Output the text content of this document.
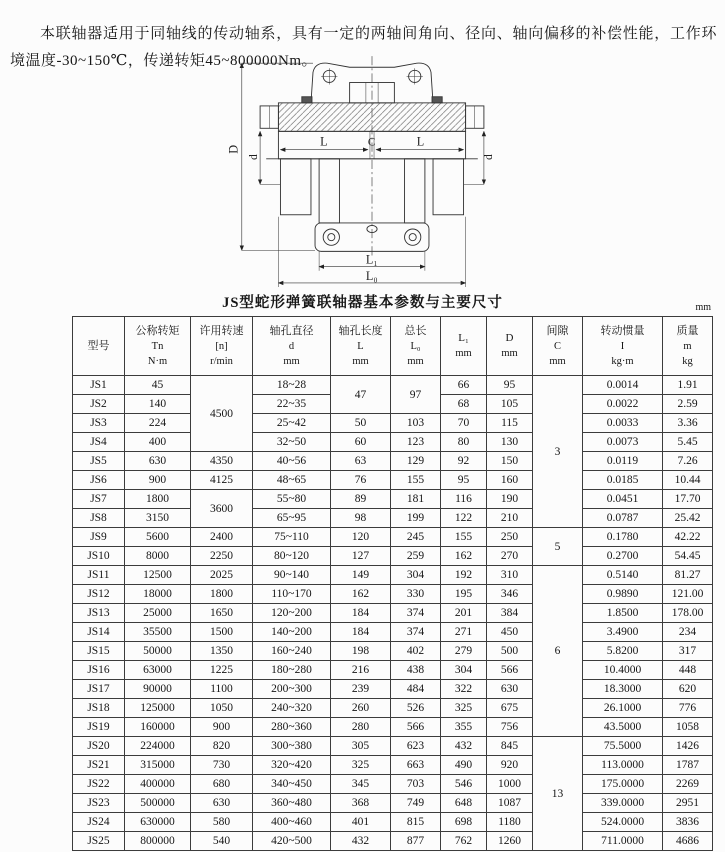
本联轴器适用于同轴线的传动轴系，具有一定的两轴间角向、径向、轴向偏移的补偿性能，工作环境温度-30~150℃，传递转矩45~800000Nm。

D
d	d
L	C	L
L₁
L₀
JS型蛇形弹簧联轴器基本参数与主要尺寸	mm
型号

公称转矩
Tn
N·m

许用转速
[n]
r/min

轴孔直径
d
mm

轴孔长度
L
mm

总长
L₀
mm

L₁
mm

D
mm

间隙
C
mm

转动惯量
I
kg·m

质量
m
kg

JS1	45	4500	18~28	47	97	66	95	3	0.0014	1.91
JS2	140		22~35			68	105		0.0022	2.59
JS3	224		25~42	50	103	70	115		0.0033	3.36
JS4	400		32~50	60	123	80	130		0.0073	5.45
JS5	630	4350	40~56	63	129	92	150		0.0119	7.26
JS6	900	4125	48~65	76	155	95	160		0.0185	10.44
JS7	1800	3600	55~80	89	181	116	190		0.0451	17.70
JS8	3150		65~95	98	199	122	210		0.0787	25.42
JS9	5600	2400	75~110	120	245	155	250	5	0.1780	42.22
JS10	8000	2250	80~120	127	259	162	270		0.2700	54.45
JS11	12500	2025	90~140	149	304	192	310	6	0.5140	81.27
JS12	18000	1800	110~170	162	330	195	346		0.9890	121.00
JS13	25000	1650	120~200	184	374	201	384		1.8500	178.00
JS14	35500	1500	140~200	184	374	271	450		3.4900	234
JS15	50000	1350	160~240	198	402	279	500		5.8200	317
JS16	63000	1225	180~280	216	438	304	566		10.4000	448
JS17	90000	1100	200~300	239	484	322	630		18.3000	620
JS18	125000	1050	240~320	260	526	325	675		26.1000	776
JS19	160000	900	280~360	280	566	355	756		43.5000	1058
JS20	224000	820	300~380	305	623	432	845	13	75.5000	1426
JS21	315000	730	320~420	325	663	490	920		113.0000	1787
JS22	400000	680	340~450	345	703	546	1000		175.0000	2269
JS23	500000	630	360~480	368	749	648	1087		339.0000	2951
JS24	630000	580	400~460	401	815	698	1180		524.0000	3836
JS25	800000	540	420~500	432	877	762	1260		711.0000	4686
